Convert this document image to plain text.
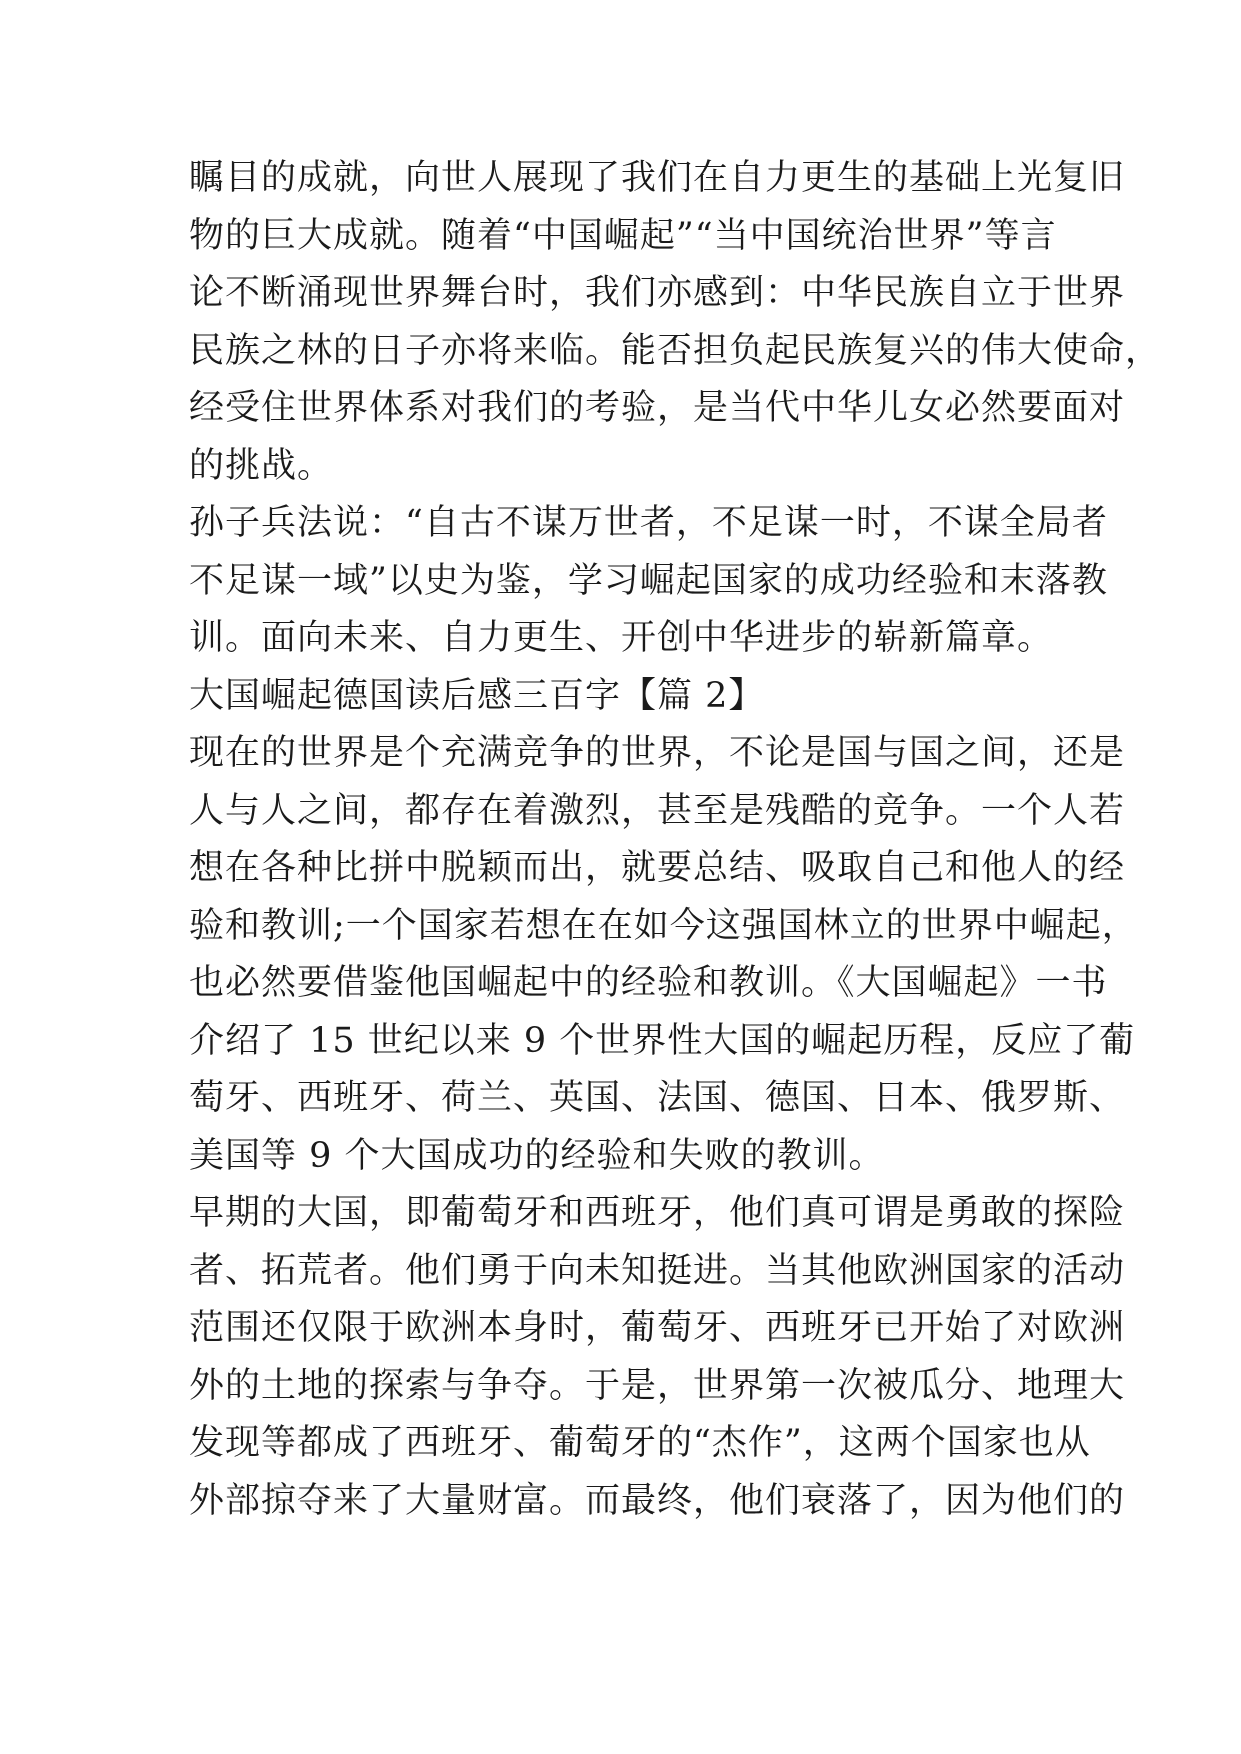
瞩目的成就，向世人展现了我们在自力更生的基础上光复旧
物的巨大成就。随着“中国崛起”“当中国统治世界”等言
论不断涌现世界舞台时，我们亦感到：中华民族自立于世界
民族之林的日子亦将来临。能否担负起民族复兴的伟大使命，
经受住世界体系对我们的考验，是当代中华儿女必然要面对
的挑战。
孙子兵法说：“自古不谋万世者，不足谋一时，不谋全局者
不足谋一域”以史为鉴，学习崛起国家的成功经验和末落教
训。面向未来、自力更生、开创中华进步的崭新篇章。
大国崛起德国读后感三百字【篇 2】
现在的世界是个充满竞争的世界，不论是国与国之间，还是
人与人之间，都存在着激烈，甚至是残酷的竞争。一个人若
想在各种比拼中脱颖而出，就要总结、吸取自己和他人的经
验和教训;一个国家若想在在如今这强国林立的世界中崛起，
也必然要借鉴他国崛起中的经验和教训。《大国崛起》一书
介绍了 15 世纪以来 9 个世界性大国的崛起历程，反应了葡
萄牙、西班牙、荷兰、英国、法国、德国、日本、俄罗斯、
美国等 9 个大国成功的经验和失败的教训。
早期的大国，即葡萄牙和西班牙，他们真可谓是勇敢的探险
者、拓荒者。他们勇于向未知挺进。当其他欧洲国家的活动
范围还仅限于欧洲本身时，葡萄牙、西班牙已开始了对欧洲
外的土地的探索与争夺。于是，世界第一次被瓜分、地理大
发现等都成了西班牙、葡萄牙的“杰作”，这两个国家也从
外部掠夺来了大量财富。而最终，他们衰落了，因为他们的
